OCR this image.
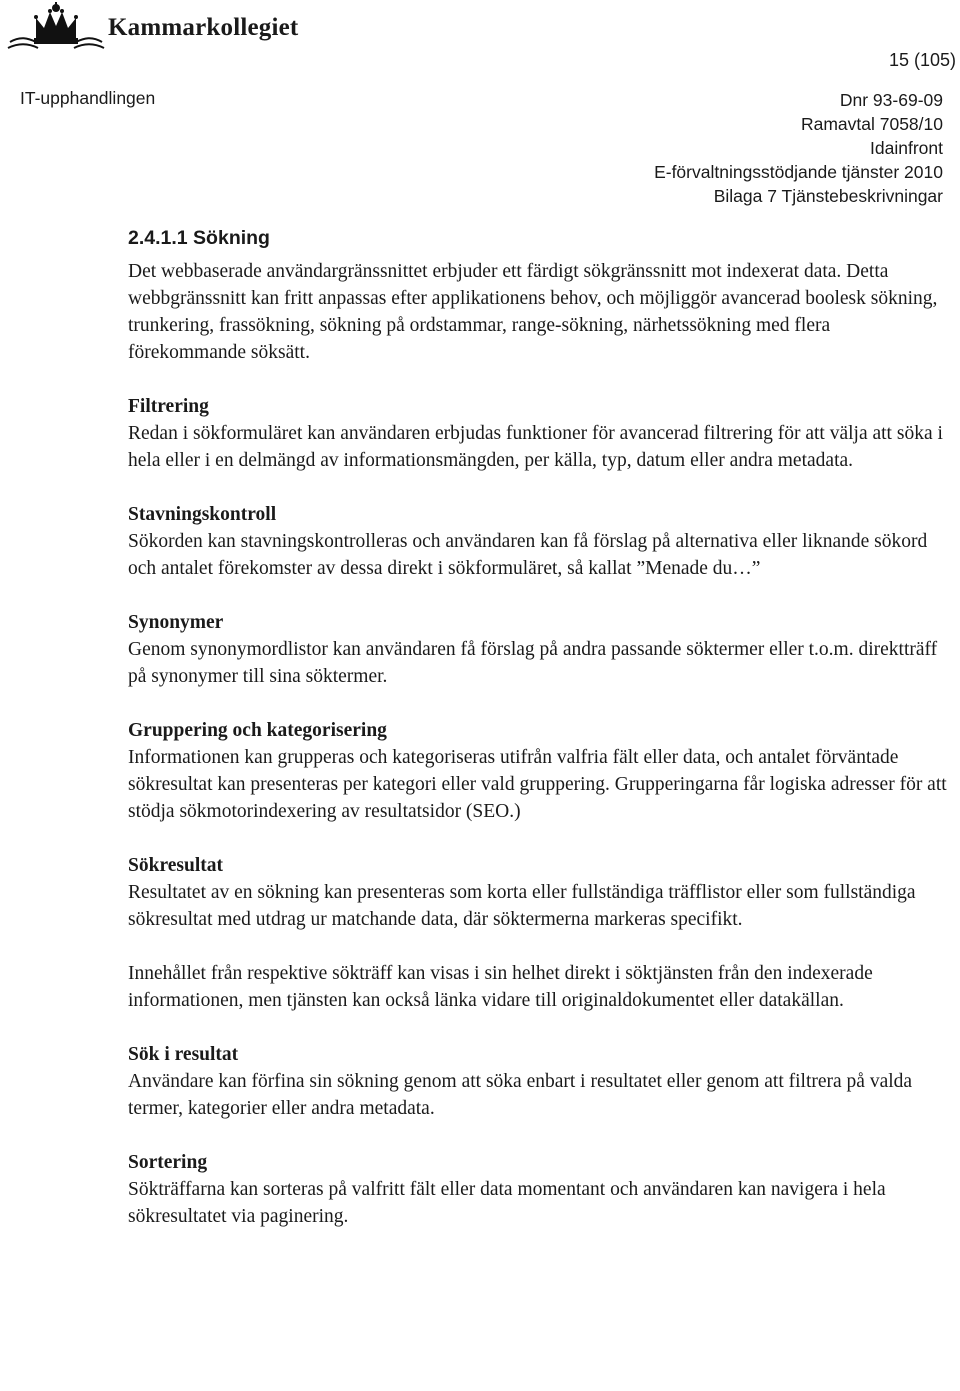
Kammarkollegiet
15 (105)
IT-upphandlingen	Dnr 93-69-09
Ramavtal 7058/10
Idainfront
E-förvaltningsstödjande tjänster 2010
Bilaga 7 Tjänstebeskrivningar
2.4.1.1 Sökning

Det webbaserade användargränssnittet erbjuder ett färdigt sökgränssnitt mot indexerat data. Detta webbgränssnitt kan fritt anpassas efter applikationens behov, och möjliggör avancerad boolesk sökning, trunkering, frassökning, sökning på ordstammar, range-sökning, närhetssökning med flera förekommande söksätt.

Filtrering

Redan i sökformuläret kan användaren erbjudas funktioner för avancerad filtrering för att välja att söka i hela eller i en delmängd av informationsmängden, per källa, typ, datum eller andra metadata.

Stavningskontroll

Sökorden kan stavningskontrolleras och användaren kan få förslag på alternativa eller liknande sökord och antalet förekomster av dessa direkt i sökformuläret, så kallat ”Menade du…”

Synonymer

Genom synonymordlistor kan användaren få förslag på andra passande söktermer eller t.o.m. direktträff på synonymer till sina söktermer.

Gruppering och kategorisering

Informationen kan grupperas och kategoriseras utifrån valfria fält eller data, och antalet förväntade sökresultat kan presenteras per kategori eller vald gruppering. Grupperingarna får logiska adresser för att stödja sökmotorindexering av resultatsidor (SEO.)

Sökresultat

Resultatet av en sökning kan presenteras som korta eller fullständiga träfflistor eller som fullständiga sökresultat med utdrag ur matchande data, där söktermerna markeras specifikt.

Innehållet från respektive sökträff kan visas i sin helhet direkt i söktjänsten från den indexerade informationen, men tjänsten kan också länka vidare till originaldokumentet eller datakällan.

Sök i resultat

Användare kan förfina sin sökning genom att söka enbart i resultatet eller genom att filtrera på valda termer, kategorier eller andra metadata.

Sortering

Sökträffarna kan sorteras på valfritt fält eller data momentant och användaren kan navigera i hela sökresultatet via paginering.
